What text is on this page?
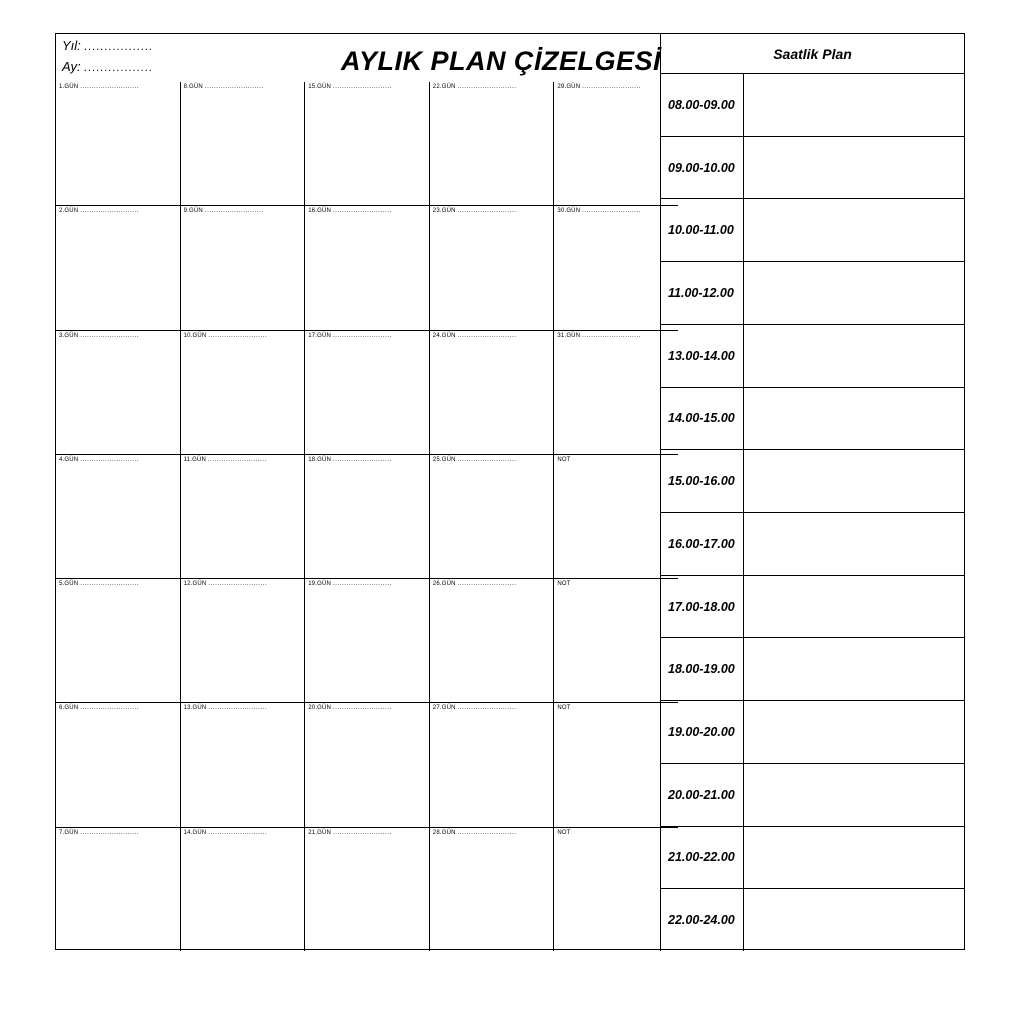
Yıl: .................
Ay: .................	AYLIK PLAN ÇİZELGESİ
1.GÜN ..........................	8.GÜN ..........................	15.GÜN ..........................	22.GÜN ..........................	29.GÜN ..........................
2.GÜN ..........................	9.GÜN ..........................	16.GÜN ..........................	23.GÜN ..........................	30.GÜN ..........................
3.GÜN ..........................	10.GÜN ..........................	17.GÜN ..........................	24.GÜN ..........................	31.GÜN ..........................
4.GÜN ..........................	11.GÜN ..........................	18.GÜN ..........................	25.GÜN ..........................	NOT
5.GÜN ..........................	12.GÜN ..........................	19.GÜN ..........................	26.GÜN ..........................	NOT
6.GÜN ..........................	13.GÜN ..........................	20.GÜN ..........................	27.GÜN ..........................	NOT
7.GÜN ..........................	14.GÜN ..........................	21.GÜN ..........................	28.GÜN ..........................	NOT
Saatlik Plan
08.00-09.00
09.00-10.00
10.00-11.00
11.00-12.00
13.00-14.00
14.00-15.00
15.00-16.00
16.00-17.00
17.00-18.00
18.00-19.00
19.00-20.00
20.00-21.00
21.00-22.00
22.00-24.00
